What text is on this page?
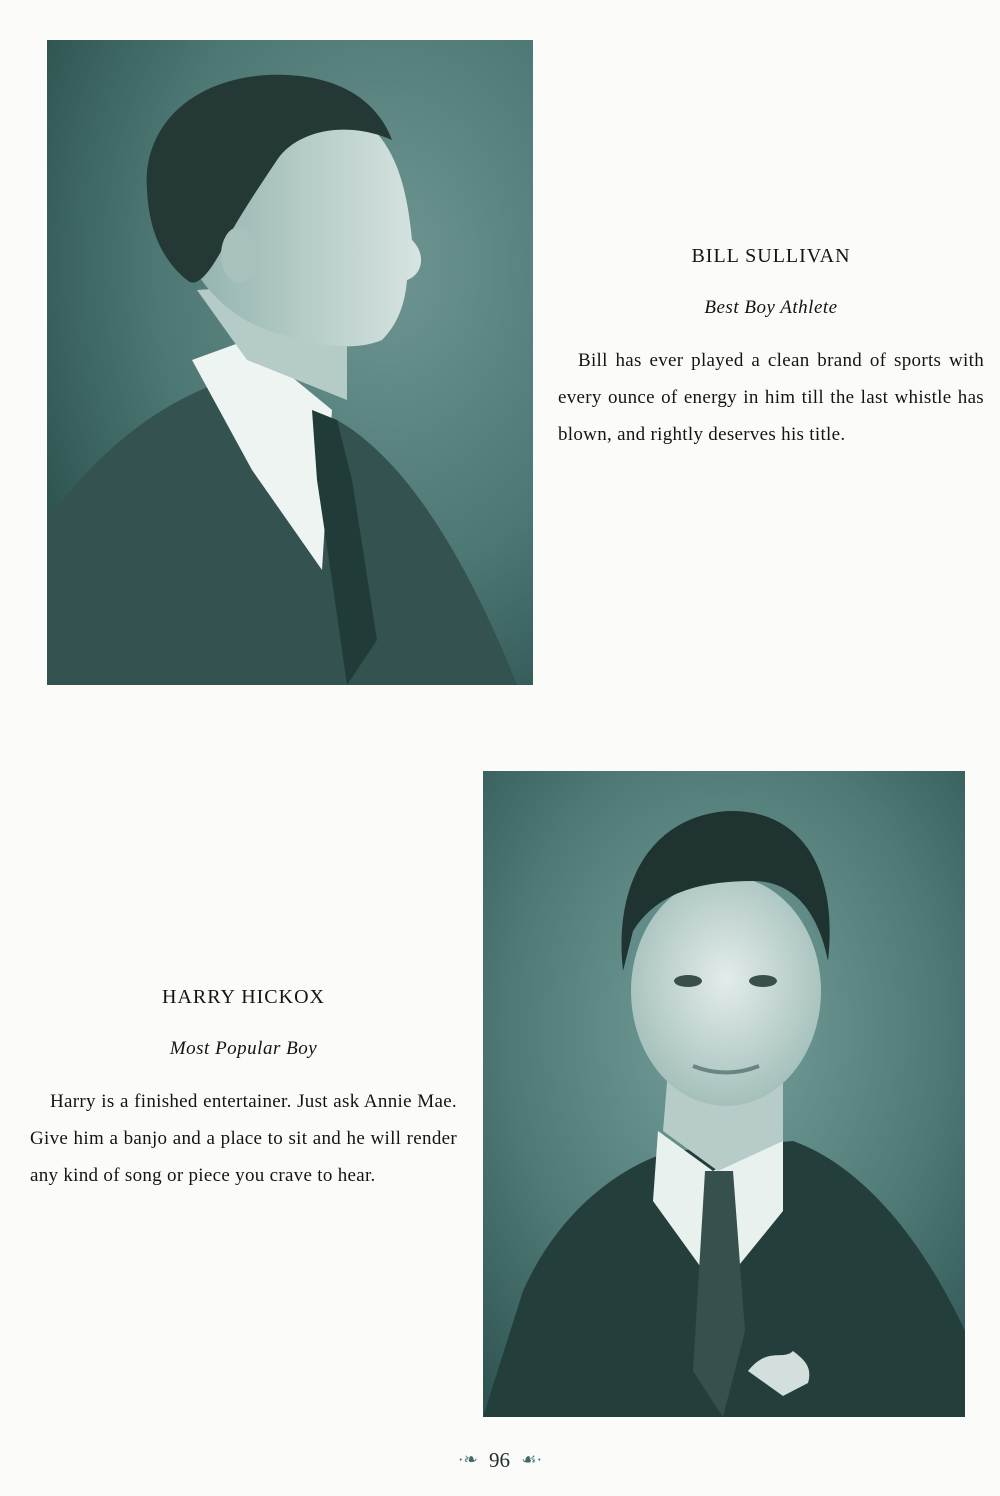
BILL SULLIVAN

Best Boy Athlete

Bill has ever played a clean brand of sports with every ounce of energy in him till the last whistle has blown, and rightly deserves his title.

HARRY HICKOX

Most Popular Boy

Harry is a finished entertainer. Just ask Annie Mae. Give him a banjo and a place to sit and he will render any kind of song or piece you crave to hear.

·❧ 96 ☙·
